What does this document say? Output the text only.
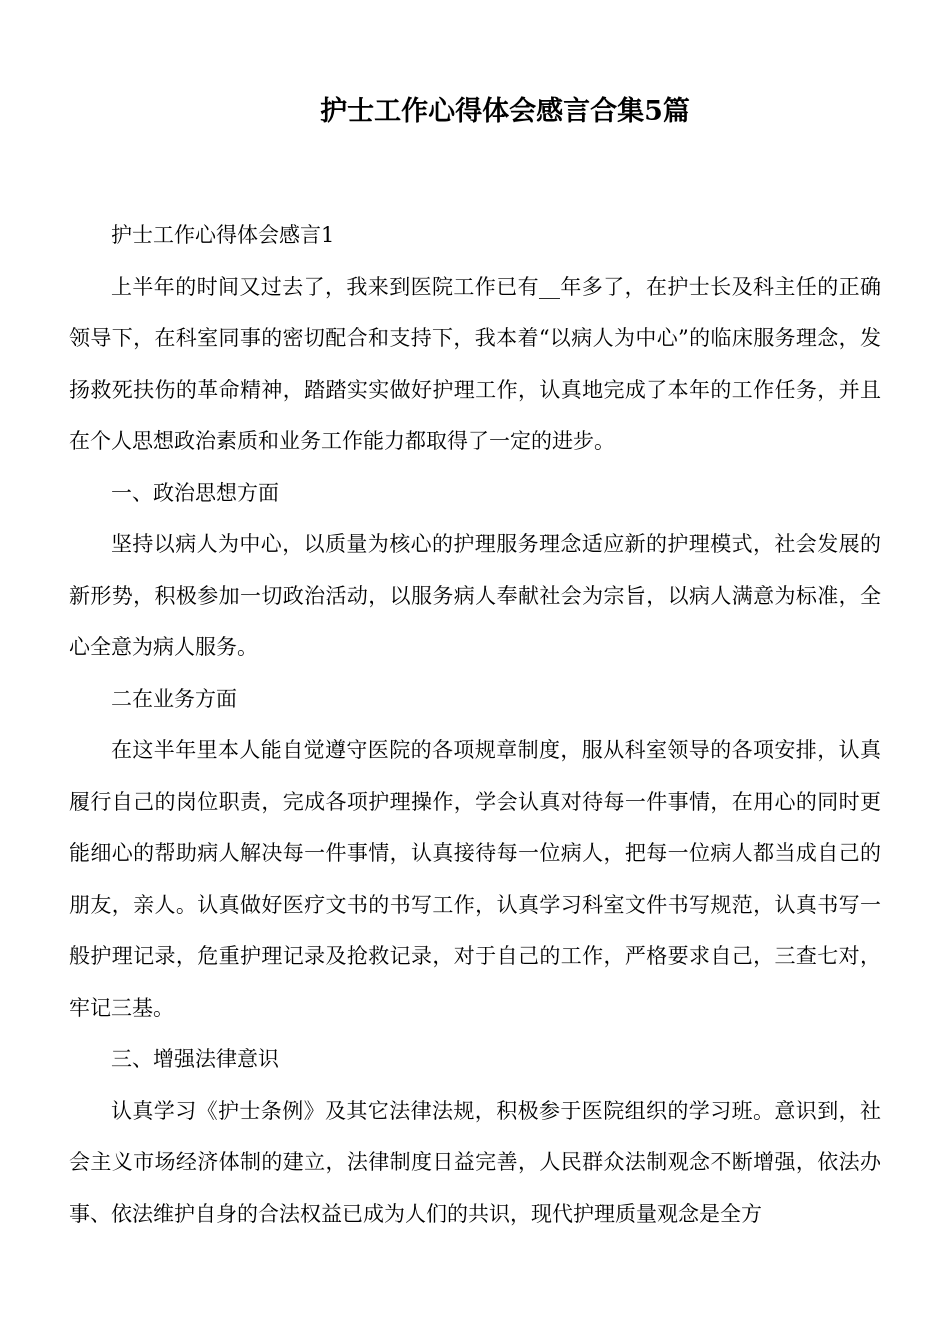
护士工作心得体会感言合集5篇

护士工作心得体会感言1

上半年的时间又过去了，我来到医院工作已有__年多了，在护士长及科主任的正确领导下，在科室同事的密切配合和支持下，我本着“以病人为中心”的临床服务理念，发扬救死扶伤的革命精神，踏踏实实做好护理工作，认真地完成了本年的工作任务，并且在个人思想政治素质和业务工作能力都取得了一定的进步。

一、政治思想方面

坚持以病人为中心，以质量为核心的护理服务理念适应新的护理模式，社会发展的新形势，积极参加一切政治活动，以服务病人奉献社会为宗旨，以病人满意为标准，全心全意为病人服务。

二在业务方面

在这半年里本人能自觉遵守医院的各项规章制度，服从科室领导的各项安排，认真履行自己的岗位职责，完成各项护理操作，学会认真对待每一件事情，在用心的同时更能细心的帮助病人解决每一件事情，认真接待每一位病人，把每一位病人都当成自己的朋友，亲人。认真做好医疗文书的书写工作，认真学习科室文件书写规范，认真书写一般护理记录，危重护理记录及抢救记录，对于自己的工作，严格要求自己，三查七对，牢记三基。

三、增强法律意识

认真学习《护士条例》及其它法律法规，积极参于医院组织的学习班。意识到，社会主义市场经济体制的建立，法律制度日益完善，人民群众法制观念不断增强，依法办事、依法维护自身的合法权益已成为人们的共识，现代护理质量观念是全方
